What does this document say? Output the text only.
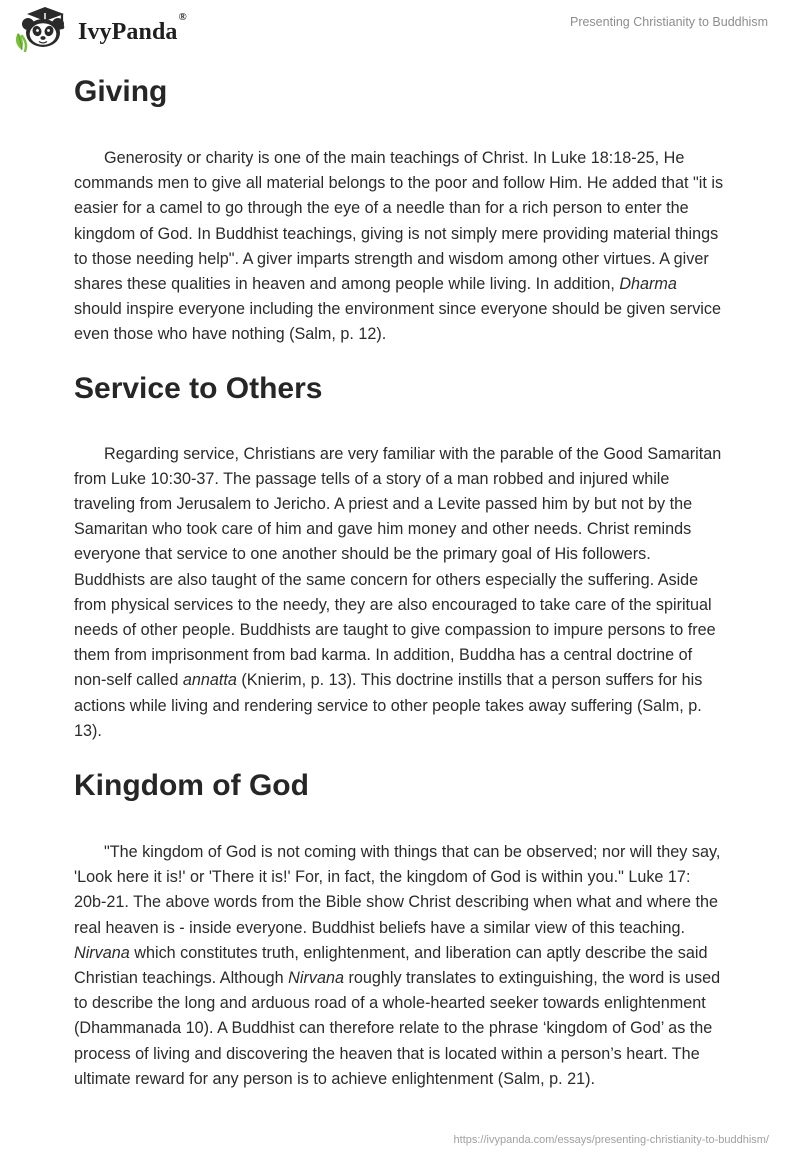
IvyPanda®	Presenting Christianity to Buddhism
Giving

Generosity or charity is one of the main teachings of Christ. In Luke 18:18-25, He commands men to give all material belongs to the poor and follow Him. He added that "it is easier for a camel to go through the eye of a needle than for a rich person to enter the kingdom of God. In Buddhist teachings, giving is not simply mere providing material things to those needing help". A giver imparts strength and wisdom among other virtues. A giver shares these qualities in heaven and among people while living. In addition, Dharma should inspire everyone including the environment since everyone should be given service even those who have nothing (Salm, p. 12).

Service to Others

Regarding service, Christians are very familiar with the parable of the Good Samaritan from Luke 10:30-37. The passage tells of a story of a man robbed and injured while traveling from Jerusalem to Jericho. A priest and a Levite passed him by but not by the Samaritan who took care of him and gave him money and other needs. Christ reminds everyone that service to one another should be the primary goal of His followers. Buddhists are also taught of the same concern for others especially the suffering. Aside from physical services to the needy, they are also encouraged to take care of the spiritual needs of other people. Buddhists are taught to give compassion to impure persons to free them from imprisonment from bad karma. In addition, Buddha has a central doctrine of non-self called annatta (Knierim, p. 13). This doctrine instills that a person suffers for his actions while living and rendering service to other people takes away suffering (Salm, p. 13).

Kingdom of God

"The kingdom of God is not coming with things that can be observed; nor will they say, 'Look here it is!' or 'There it is!' For, in fact, the kingdom of God is within you." Luke 17: 20b-21. The above words from the Bible show Christ describing when what and where the real heaven is - inside everyone. Buddhist beliefs have a similar view of this teaching. Nirvana which constitutes truth, enlightenment, and liberation can aptly describe the said Christian teachings. Although Nirvana roughly translates to extinguishing, the word is used to describe the long and arduous road of a whole-hearted seeker towards enlightenment (Dhammanada 10). A Buddhist can therefore relate to the phrase ‘kingdom of God’ as the process of living and discovering the heaven that is located within a person’s heart. The ultimate reward for any person is to achieve enlightenment (Salm, p. 21).

https://ivypanda.com/essays/presenting-christianity-to-buddhism/
